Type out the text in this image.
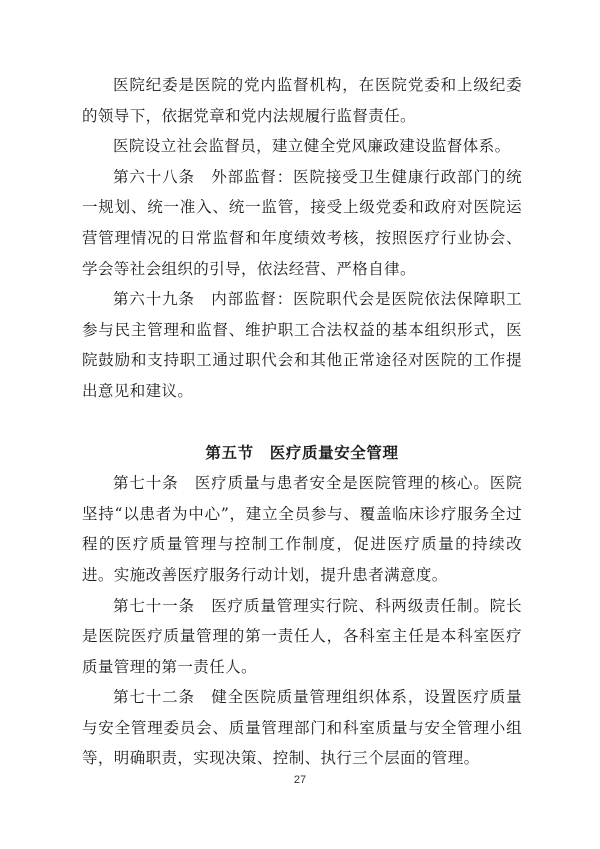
医院纪委是医院的党内监督机构，在医院党委和上级纪委的领导下，依据党章和党内法规履行监督责任。

医院设立社会监督员，建立健全党风廉政建设监督体系。

第六十八条　外部监督：医院接受卫生健康行政部门的统一规划、统一准入、统一监管，接受上级党委和政府对医院运营管理情况的日常监督和年度绩效考核，按照医疗行业协会、学会等社会组织的引导，依法经营、严格自律。

第六十九条　内部监督：医院职代会是医院依法保障职工参与民主管理和监督、维护职工合法权益的基本组织形式，医院鼓励和支持职工通过职代会和其他正常途径对医院的工作提出意见和建议。

第五节　医疗质量安全管理

第七十条　医疗质量与患者安全是医院管理的核心。医院坚持“以患者为中心”，建立全员参与、覆盖临床诊疗服务全过程的医疗质量管理与控制工作制度，促进医疗质量的持续改进。实施改善医疗服务行动计划，提升患者满意度。

第七十一条　医疗质量管理实行院、科两级责任制。院长是医院医疗质量管理的第一责任人，各科室主任是本科室医疗质量管理的第一责任人。

第七十二条　健全医院质量管理组织体系，设置医疗质量与安全管理委员会、质量管理部门和科室质量与安全管理小组等，明确职责，实现决策、控制、执行三个层面的管理。

27
